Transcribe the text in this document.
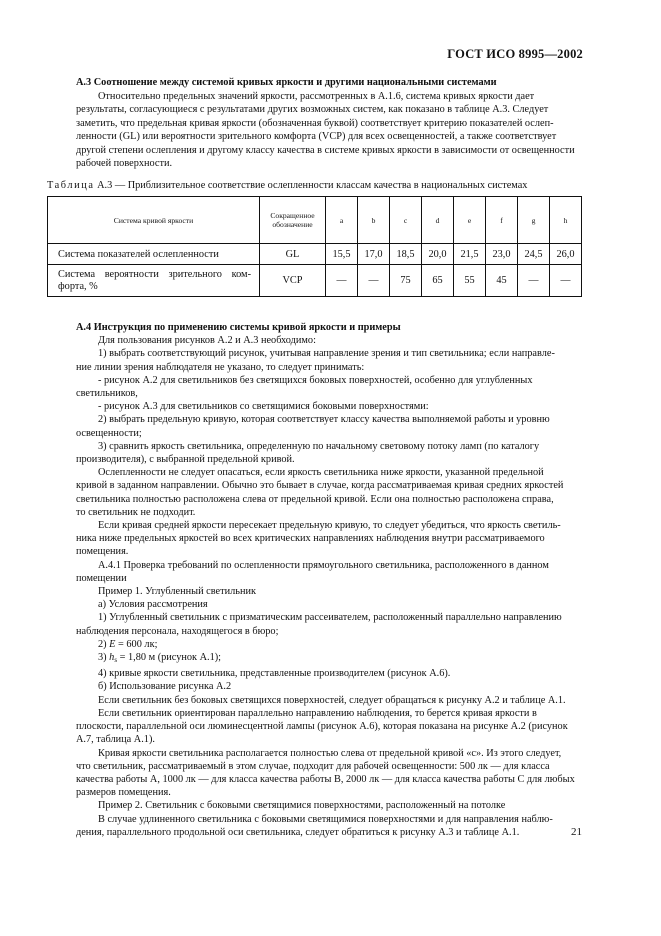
ГОСТ ИСО 8995—2002

А.3 Соотношение между системой кривых яркости и другими национальными системами

Относительно предельных значений яркости, рассмотренных в А.1.6, система кривых яркости дает

результаты, согласующиеся с результатами других возможных систем, как показано в таблице А.3. Следует

заметить, что предельная кривая яркости (обозначенная буквой) соответствует критерию показателей ослеп-

ленности (GL) или вероятности зрительного комфорта (VCP) для всех освещенностей, а также соответствует

другой степени ослепления и другому классу качества в системе кривых яркости в зависимости от освещенности

рабочей поверхности.

Таблица А.3 — Приблизительное соответствие ослепленности классам качества в национальных системах
Система кривой яркости	Сокращенное обозначение	a	b	c	d	e	f	g	h
Система показателей ослепленности	GL	15,5	17,0	18,5	20,0	21,5	23,0	24,5	26,0
Система вероятности зрительного ком-форта, %	VCP	—	—	75	65	55	45	—	—

А.4 Инструкция по применению системы кривой яркости и примеры

Для пользования рисунков А.2 и А.3 необходимо:

1) выбрать соответствующий рисунок, учитывая направление зрения и тип светильника; если направле-

ние линии зрения наблюдателя не указано, то следует принимать:

- рисунок А.2 для светильников без светящихся боковых поверхностей, особенно для углубленных

светильников,

- рисунок А.3 для светильников со светящимися боковыми поверхностями:

2) выбрать предельную кривую, которая соответствует классу качества выполняемой работы и уровню

освещенности;

3) сравнить яркость светильника, определенную по начальному световому потоку ламп (по каталогу

производителя), с выбранной предельной кривой.

Ослепленности не следует опасаться, если яркость светильника ниже яркости, указанной предельной

кривой в заданном направлении. Обычно это бывает в случае, когда рассматриваемая кривая средних яркостей

светильника полностью расположена слева от предельной кривой. Если она полностью расположена справа,

то светильник не подходит.

Если кривая средней яркости пересекает предельную кривую, то следует убедиться, что яркость светиль-

ника ниже предельных яркостей во всех критических направлениях наблюдения внутри рассматриваемого

помещения.

А.4.1 Проверка требований по ослепленности прямоугольного светильника, расположенного в данном

помещении

Пример 1. Углубленный светильник

а) Условия рассмотрения

1) Углубленный светильник с призматическим рассеивателем, расположенный параллельно направлению

наблюдения персонала, находящегося в бюро;

2) E = 600 лк;

3) $h_s = 1,80$ м (рисунок А.1);

4) кривые яркости светильника, представленные производителем (рисунок А.6).

б) Использование рисунка А.2

Если светильник без боковых светящихся поверхностей, следует обращаться к рисунку А.2 и таблице А.1.

Если светильник ориентирован параллельно направлению наблюдения, то берется кривая яркости в

плоскости, параллельной оси люминесцентной лампы (рисунок А.6), которая показана на рисунке А.2 (рисунок

А.7, таблица А.1).

Кривая яркости светильника располагается полностью слева от предельной кривой «с». Из этого следует,

что светильник, рассматриваемый в этом случае, подходит для рабочей освещенности: 500 лк — для класса

качества работы А, 1000 лк — для класса качества работы В, 2000 лк — для класса качества работы С для любых

размеров помещения.

Пример 2. Светильник с боковыми светящимися поверхностями, расположенный на потолке

В случае удлиненного светильника с боковыми светящимися поверхностями и для направления наблю-

дения, параллельного продольной оси светильника, следует обратиться к рисунку А.3 и таблице А.1.	21
